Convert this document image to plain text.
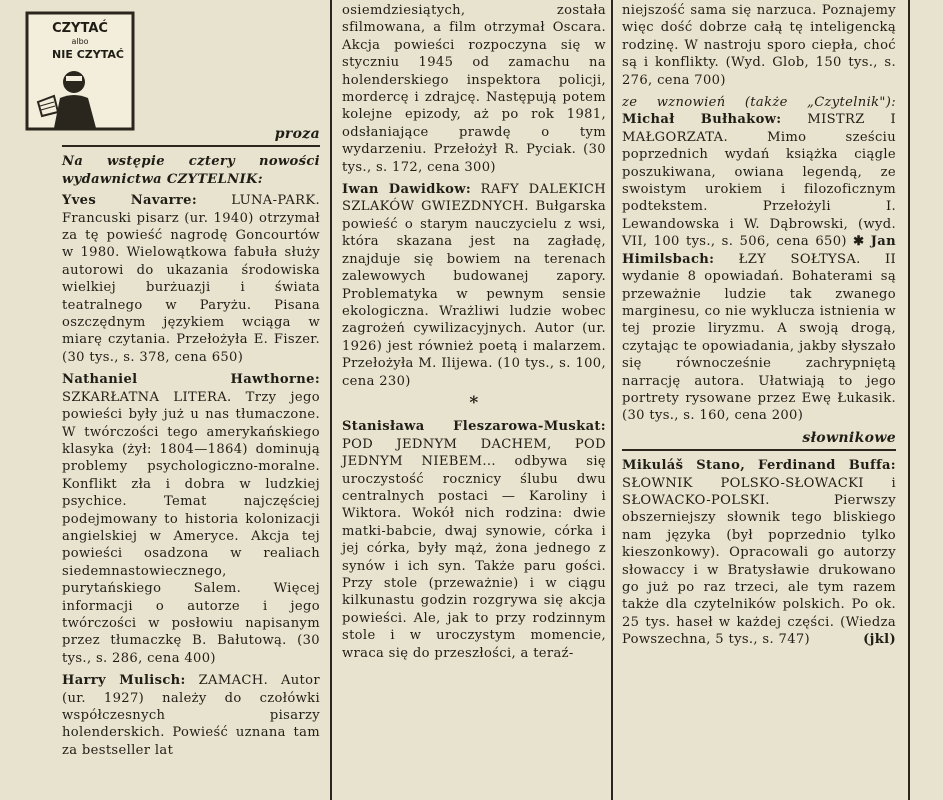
CZYTAĆ
albo
NIE CZYTAĆ
proza

Na wstępie cztery nowości wydawnictwa CZYTELNIK:

Yves Navarre:	LUNA-PARK. Francuski pisarz (ur. 1940) otrzymał za tę powieść nagrodę Goncourtów w 1980. Wielowątkowa fabuła służy autorowi do ukazania środowiska wielkiej burżuazji i świata teatralnego w Paryżu. Pisana oszczędnym językiem wciąga w miarę czytania. Przełożyła E. Fiszer. (30 tys., s. 378, cena 650)

Nathaniel Hawthorne: SZKARŁATNA LITERA. Trzy jego powieści były już u nas tłumaczone. W twórczości tego amerykańskiego klasyka (żył: 1804—1864) dominują problemy psychologiczno-moralne. Konflikt zła i dobra w ludzkiej psychice. Temat najczęściej podejmowany to historia kolonizacji angielskiej w Ameryce. Akcja tej powieści osadzona w realiach siedemnastowiecznego, purytańskiego Salem. Więcej informacji o autorze i jego twórczości w posłowiu napisanym przez tłumaczkę B. Bałutową. (30 tys., s. 286, cena 400)

Harry Mulisch: ZAMACH. Autor (ur. 1927) należy do czołówki współczesnych pisarzy holenderskich. Powieść uznana tam za bestseller lat

osiemdziesiątych, została sfilmowana, a film otrzymał Oscara. Akcja powieści rozpoczyna się w styczniu 1945 od zamachu na holenderskiego inspektora policji, mordercę i zdrajcę. Następują potem kolejne epizody, aż po rok 1981, odsłaniające prawdę o tym wydarzeniu. Przełożył R. Pyciak. (30 tys., s. 172, cena 300)

Iwan Dawidkow: RAFY DALEKICH SZLAKÓW GWIEZDNYCH. Bułgarska powieść o starym nauczycielu z wsi, która skazana jest na zagładę, znajduje się bowiem na terenach zalewowych budowanej zapory. Problematyka w pewnym sensie ekologiczna. Wrażliwi ludzie wobec zagrożeń cywilizacyjnych. Autor (ur. 1926) jest również poetą i malarzem. Przełożyła M. Ilijewa. (10 tys., s. 100, cena 230)

*

Stanisława Fleszarowa-Muskat: POD JEDNYM DACHEM, POD JEDNYM NIEBEM... odbywa się uroczystość rocznicy ślubu dwu centralnych postaci — Karoliny i Wiktora. Wokół nich rodzina: dwie matki-babcie, dwaj synowie, córka i jej córka, były mąż, żona jednego z synów i ich syn. Także paru gości. Przy stole (przeważnie) i w ciągu kilkunastu godzin rozgrywa się akcja powieści. Ale, jak to przy rodzinnym stole i w uroczystym momencie, wraca się do przeszłości, a teraź-

niejszość sama się narzuca. Poznajemy więc dość dobrze całą tę inteligencką rodzinę. W nastroju sporo ciepła, choć są i konflikty. (Wyd. Glob, 150 tys., s. 276, cena 700)

ze wznowień (także „Czytelnik"): Michał Bułhakow: MISTRZ I MAŁGORZATA. Mimo sześciu poprzednich wydań książka ciągle poszukiwana, owiana legendą, ze swoistym urokiem i filozoficznym podtekstem. Przełożyli I. Lewandowska i W. Dąbrowski, (wyd. VII, 100 tys., s. 506, cena 650) ✱ Jan Himilsbach: ŁZY SOŁTYSA. II wydanie 8 opowiadań. Bohaterami są przeważnie ludzie tak zwanego marginesu, co nie wyklucza istnienia w tej prozie liryzmu. A swoją drogą, czytając te opowiadania, jakby słyszało się równocześnie zachrypniętą narrację autora. Ułatwiają to jego portrety rysowane przez Ewę Łukasik. (30 tys., s. 160, cena 200)

słownikowe

Mikuláš Stano, Ferdinand Buffa: SŁOWNIK POLSKO-SŁOWACKI i SŁOWACKO-POLSKI. Pierwszy obszerniejszy słownik tego bliskiego nam języka (był poprzednio tylko kieszonkowy). Opracowali go autorzy słowaccy i w Bratysławie drukowano go już po raz trzeci, ale tym razem także dla czytelników polskich. Po ok. 25 tys. haseł w każdej części. (Wiedza Powszechna, 5 tys., s. 747)	(jkl)
